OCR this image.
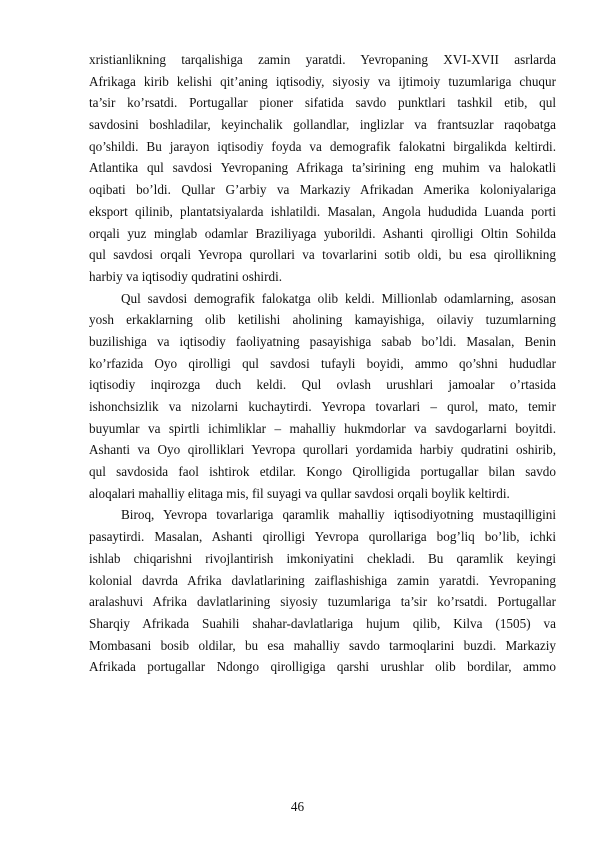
xristianlikning tarqalishiga zamin yaratdi. Yevropaning XVI-XVII asrlarda
Afrikaga kirib kelishi qit’aning iqtisodiy, siyosiy va ijtimoiy tuzumlariga chuqur
ta’sir ko’rsatdi. Portugallar pioner sifatida savdo punktlari tashkil etib, qul
savdosini boshladilar, keyinchalik gollandlar, inglizlar va frantsuzlar raqobatga
qo’shildi. Bu jarayon iqtisodiy foyda va demografik falokatni birgalikda keltirdi.
Atlantika qul savdosi Yevropaning Afrikaga ta’sirining eng muhim va halokatli
oqibati bo’ldi. Qullar G’arbiy va Markaziy Afrikadan Amerika koloniyalariga
eksport qilinib, plantatsiyalarda ishlatildi. Masalan, Angola hududida Luanda porti
orqali yuz minglab odamlar Braziliyaga yuborildi. Ashanti qirolligi Oltin Sohilda
qul savdosi orqali Yevropa qurollari va tovarlarini sotib oldi, bu esa qirollikning
harbiy va iqtisodiy qudratini oshirdi.
Qul savdosi demografik falokatga olib keldi. Millionlab odamlarning, asosan
yosh erkaklarning olib ketilishi aholining kamayishiga, oilaviy tuzumlarning
buzilishiga va iqtisodiy faoliyatning pasayishiga sabab bo’ldi. Masalan, Benin
ko’rfazida Oyo qirolligi qul savdosi tufayli boyidi, ammo qo’shni hududlar
iqtisodiy inqirozga duch keldi. Qul ovlash urushlari jamoalar o’rtasida
ishonchsizlik va nizolarni kuchaytirdi. Yevropa tovarlari – qurol, mato, temir
buyumlar va spirtli ichimliklar – mahalliy hukmdorlar va savdogarlarni boyitdi.
Ashanti va Oyo qirolliklari Yevropa qurollari yordamida harbiy qudratini oshirib,
qul savdosida faol ishtirok etdilar. Kongo Qirolligida portugallar bilan savdo
aloqalari mahalliy elitaga mis, fil suyagi va qullar savdosi orqali boylik keltirdi.
Biroq, Yevropa tovarlariga qaramlik mahalliy iqtisodiyotning mustaqilligini
pasaytirdi. Masalan, Ashanti qirolligi Yevropa qurollariga bog’liq bo’lib, ichki
ishlab chiqarishni rivojlantirish imkoniyatini chekladi. Bu qaramlik keyingi
kolonial davrda Afrika davlatlarining zaiflashishiga zamin yaratdi. Yevropaning
aralashuvi Afrika davlatlarining siyosiy tuzumlariga ta’sir ko’rsatdi. Portugallar
Sharqiy Afrikada Suahili shahar-davlatlariga hujum qilib, Kilva (1505) va
Mombasani bosib oldilar, bu esa mahalliy savdo tarmoqlarini buzdi. Markaziy
Afrikada portugallar Ndongo qirolligiga qarshi urushlar olib bordilar, ammo
46
